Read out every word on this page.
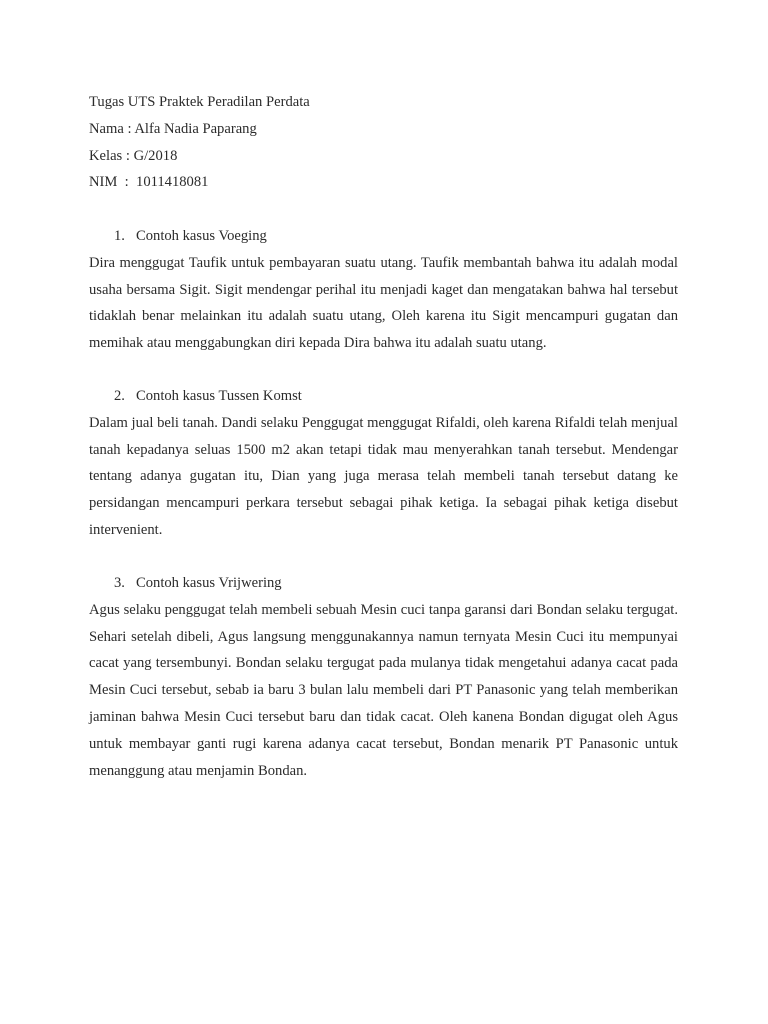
Tugas UTS Praktek Peradilan Perdata
Nama : Alfa Nadia Paparang
Kelas : G/2018
NIM  :  1011418081
1. Contoh kasus Voeging

Dira menggugat Taufik untuk pembayaran suatu utang. Taufik membantah bahwa itu adalah modal usaha bersama Sigit. Sigit mendengar perihal itu menjadi kaget dan mengatakan bahwa hal tersebut tidaklah benar melainkan itu adalah suatu utang, Oleh karena itu Sigit mencampuri gugatan dan memihak atau menggabungkan diri kepada Dira bahwa itu adalah suatu utang.

2. Contoh kasus Tussen Komst

Dalam jual beli tanah. Dandi selaku Penggugat menggugat Rifaldi, oleh karena Rifaldi telah menjual tanah kepadanya seluas 1500 m2 akan tetapi tidak mau menyerahkan tanah tersebut. Mendengar tentang adanya gugatan itu, Dian yang juga merasa telah membeli tanah tersebut datang ke persidangan mencampuri perkara tersebut sebagai pihak ketiga. Ia sebagai pihak ketiga disebut intervenient.

3. Contoh kasus Vrijwering

Agus selaku penggugat telah membeli sebuah Mesin cuci tanpa garansi dari Bondan selaku tergugat. Sehari setelah dibeli, Agus langsung menggunakannya namun ternyata Mesin Cuci itu mempunyai cacat yang tersembunyi. Bondan selaku tergugat pada mulanya tidak mengetahui adanya cacat pada Mesin Cuci tersebut, sebab ia baru 3 bulan lalu membeli dari PT Panasonic yang telah memberikan jaminan bahwa Mesin Cuci tersebut baru dan tidak cacat. Oleh kanena Bondan digugat oleh Agus untuk membayar ganti rugi karena adanya cacat tersebut, Bondan menarik PT Panasonic untuk menanggung atau menjamin Bondan.
